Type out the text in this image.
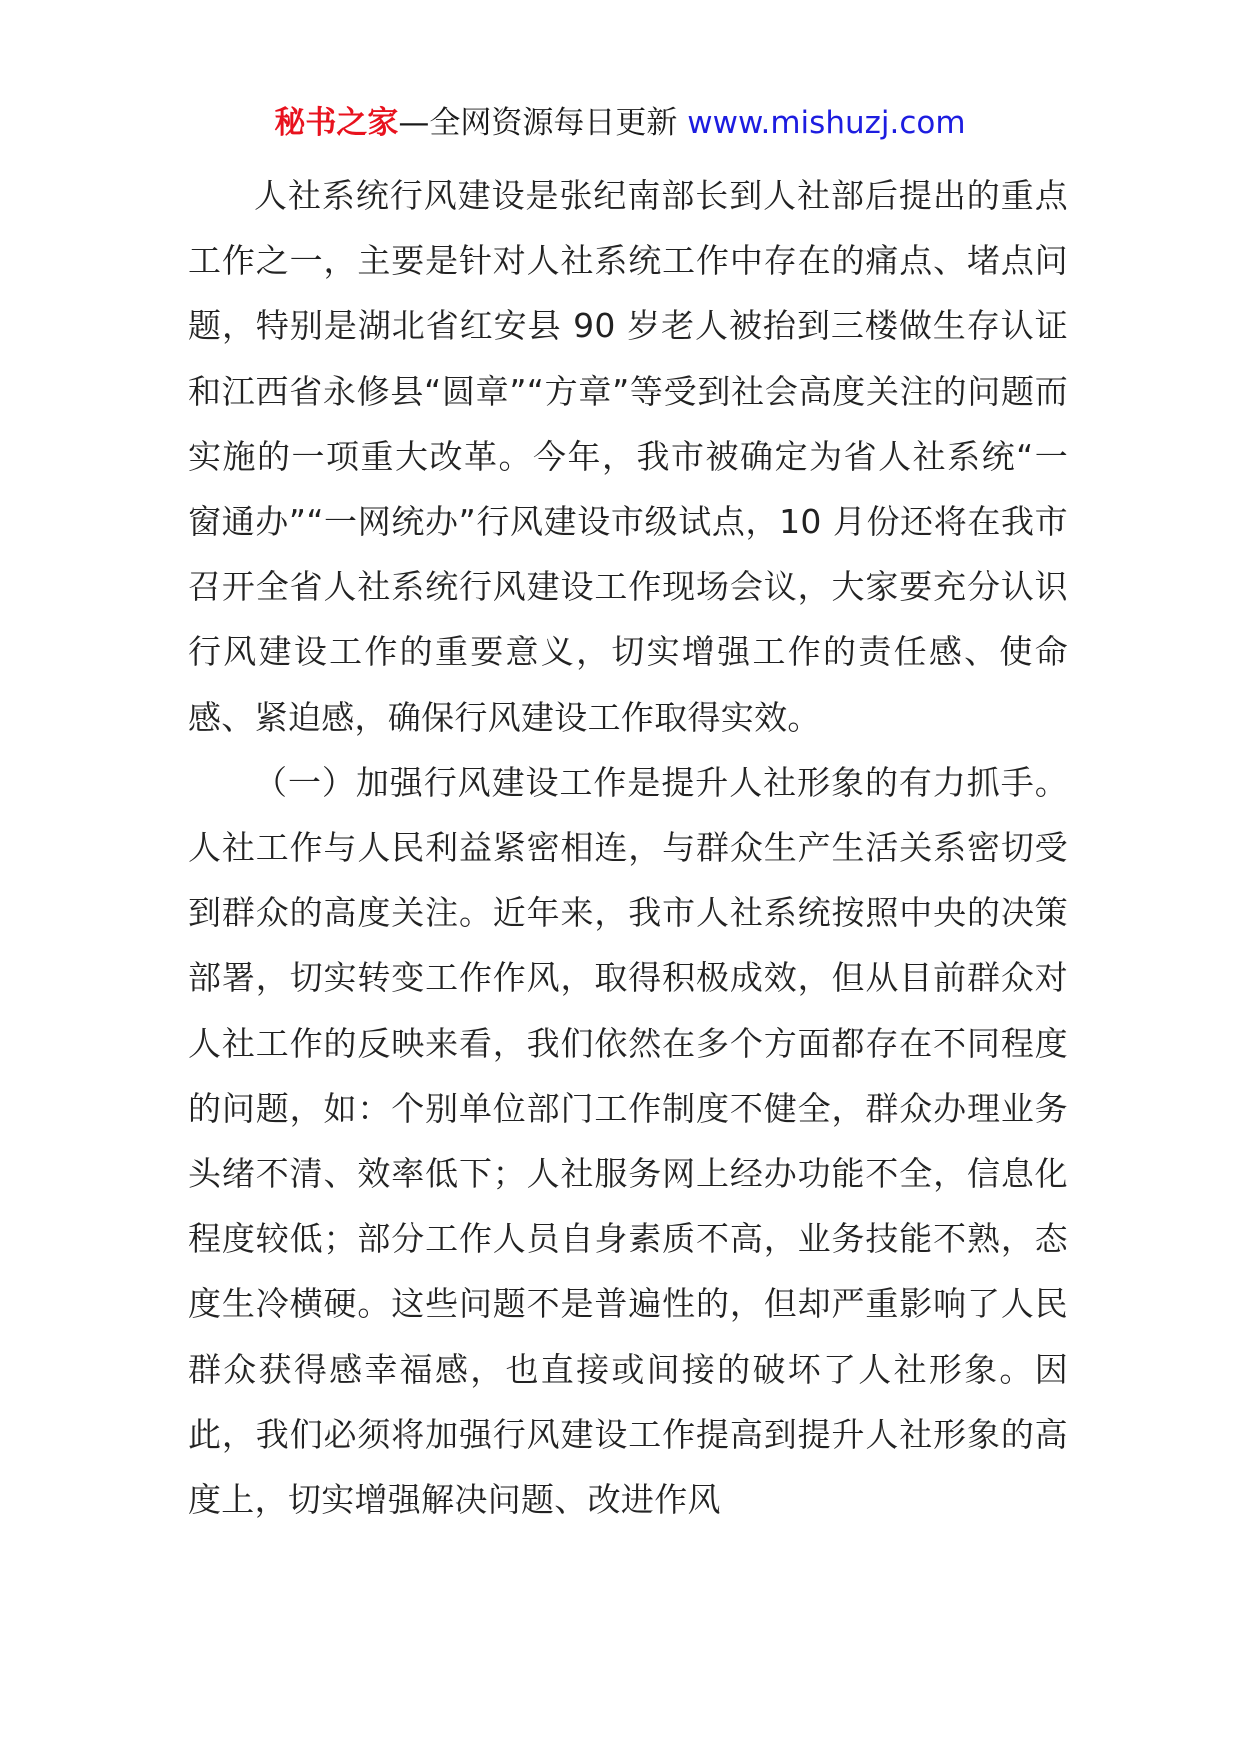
秘书之家—全网资源每日更新 www.mishuzj.com

人社系统行风建设是张纪南部长到人社部后提出的重点工作之一，主要是针对人社系统工作中存在的痛点、堵点问题，特别是湖北省红安县 90 岁老人被抬到三楼做生存认证和江西省永修县“圆章”“方章”等受到社会高度关注的问题而实施的一项重大改革。今年，我市被确定为省人社系统“一窗通办”“一网统办”行风建设市级试点，10 月份还将在我市召开全省人社系统行风建设工作现场会议，大家要充分认识行风建设工作的重要意义，切实增强工作的责任感、使命感、紧迫感，确保行风建设工作取得实效。

（一）加强行风建设工作是提升人社形象的有力抓手。人社工作与人民利益紧密相连，与群众生产生活关系密切受到群众的高度关注。近年来，我市人社系统按照中央的决策部署，切实转变工作作风，取得积极成效，但从目前群众对人社工作的反映来看，我们依然在多个方面都存在不同程度的问题，如：个别单位部门工作制度不健全，群众办理业务头绪不清、效率低下；人社服务网上经办功能不全，信息化程度较低；部分工作人员自身素质不高，业务技能不熟，态度生冷横硬。这些问题不是普遍性的，但却严重影响了人民群众获得感幸福感，也直接或间接的破坏了人社形象。因此，我们必须将加强行风建设工作提高到提升人社形象的高度上，切实增强解决问题、改进作风
